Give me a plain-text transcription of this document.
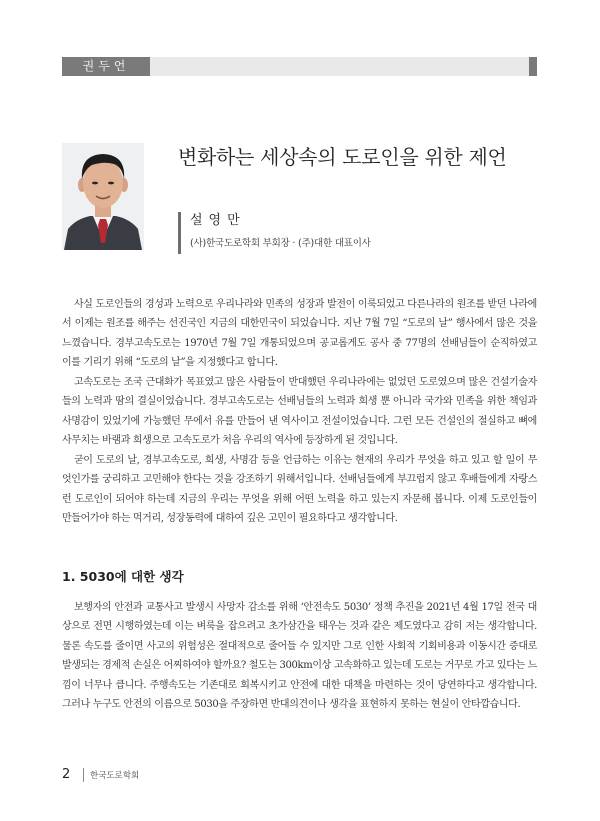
권두언
변화하는 세상속의 도로인을 위한 제언
설영만
(사)한국도로학회 부회장 · (주)대한 대표이사

사실 도로인들의 경성과 노력으로 우리나라와 민족의 성장과 발전이 이룩되었고 다른나라의 원조를 받던 나라에서 이제는 원조를 해주는 선진국인 지금의 대한민국이 되었습니다. 지난 7월 7일 “도로의 날” 행사에서 많은 것을 느꼈습니다. 경부고속도로는 1970년 7월 7일 개통되었으며 공교롭게도 공사 중 77명의 선배님들이 순직하였고 이를 기리기 위해 “도로의 날”을 지정했다고 합니다.

고속도로는 조국 근대화가 목표였고 많은 사람들이 반대했던 우리나라에는 없었던 도로였으며 많은 건설기술자들의 노력과 땀의 결실이었습니다. 경부고속도로는 선배님들의 노력과 희생 뿐 아니라 국가와 민족을 위한 책임과 사명감이 있었기에 가능했던 무에서 유를 만들어 낸 역사이고 전설이었습니다. 그런 모든 건설인의 절실하고 뼈에 사무치는 바램과 희생으로 고속도로가 처음 우리의 역사에 등장하게 된 것입니다.

굳이 도로의 날, 경부고속도로, 희생, 사명감 등을 언급하는 이유는 현재의 우리가 무엇을 하고 있고 할 일이 무엇인가를 궁리하고 고민해야 한다는 것을 강조하기 위해서입니다. 선배님들에게 부끄럽지 않고 후배들에게 자랑스런 도로인이 되어야 하는데 지금의 우리는 무엇을 위해 어떤 노력을 하고 있는지 자문해 봅니다. 이제 도로인들이 만들어가야 하는 먹거리, 성장동력에 대하여 깊은 고민이 필요하다고 생각합니다.

1. 5030에 대한 생각

보행자의 안전과 교통사고 발생시 사망자 감소를 위해 ‘안전속도 5030’ 정책 추진을 2021년 4월 17일 전국 대상으로 전면 시행하였는데 이는 벼룩을 잡으려고 초가삼간을 태우는 것과 같은 제도였다고 감히 저는 생각합니다. 물론 속도를 줄이면 사고의 위험성은 절대적으로 줄어들 수 있지만 그로 인한 사회적 기회비용과 이동시간 증대로 발생되는 경제적 손실은 어찌하여야 할까요? 철도는 300km이상 고속화하고 있는데 도로는 거꾸로 가고 있다는 느낌이 너무나 큽니다. 주행속도는 기존대로 회복시키고 안전에 대한 대책을 마련하는 것이 당연하다고 생각합니다. 그러나 누구도 안전의 이름으로 5030을 주장하면 반대의견이나 생각을 표현하지 못하는 현실이 안타깝습니다.

2 한국도로학회
